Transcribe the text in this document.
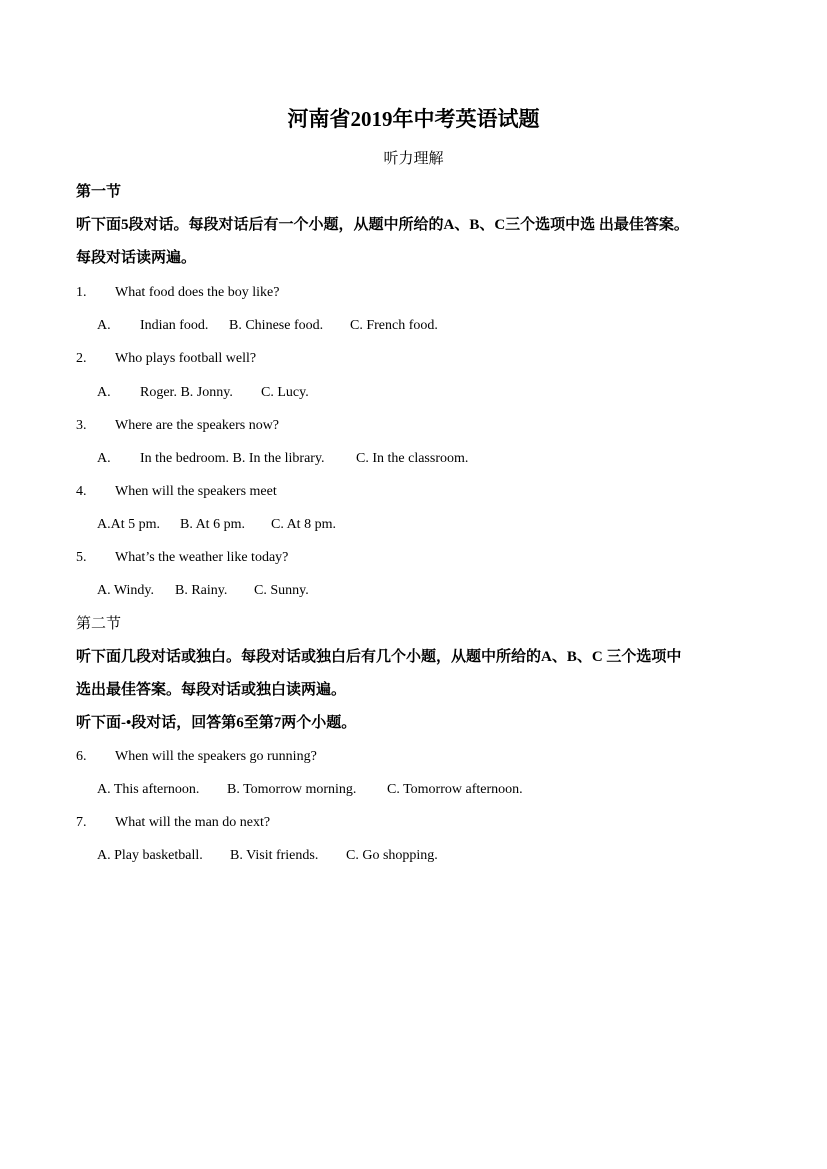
河南省2019年中考英语试题
听力理解
第一节
听下面5段对话。每段对话后有一个小题，从题中所给的A、B、C三个选项中选 出最佳答案。
每段对话读两遍。
1. What food does the boy like?
A. Indian food. B. Chinese food. C. French food.
2. Who plays football well?
A. Roger. B. Jonny. C. Lucy.
3. Where are the speakers now?
A. In the bedroom. B. In the library. C. In the classroom.
4. When will the speakers meet
A.At 5 pm. B. At 6 pm. C. At 8 pm.
5. What’s the weather like today?
A. Windy. B. Rainy. C. Sunny.
第二节
听下面几段对话或独白。每段对话或独白后有几个小题，从题中所给的A、B、C 三个选项中
选出最佳答案。每段对话或独白读两遍。
听下面-•段对话，回答第6至第7两个小题。
6. When will the speakers go running?
A. This afternoon. B. Tomorrow morning. C. Tomorrow afternoon.
7. What will the man do next?
A. Play basketball. B. Visit friends. C. Go shopping.
